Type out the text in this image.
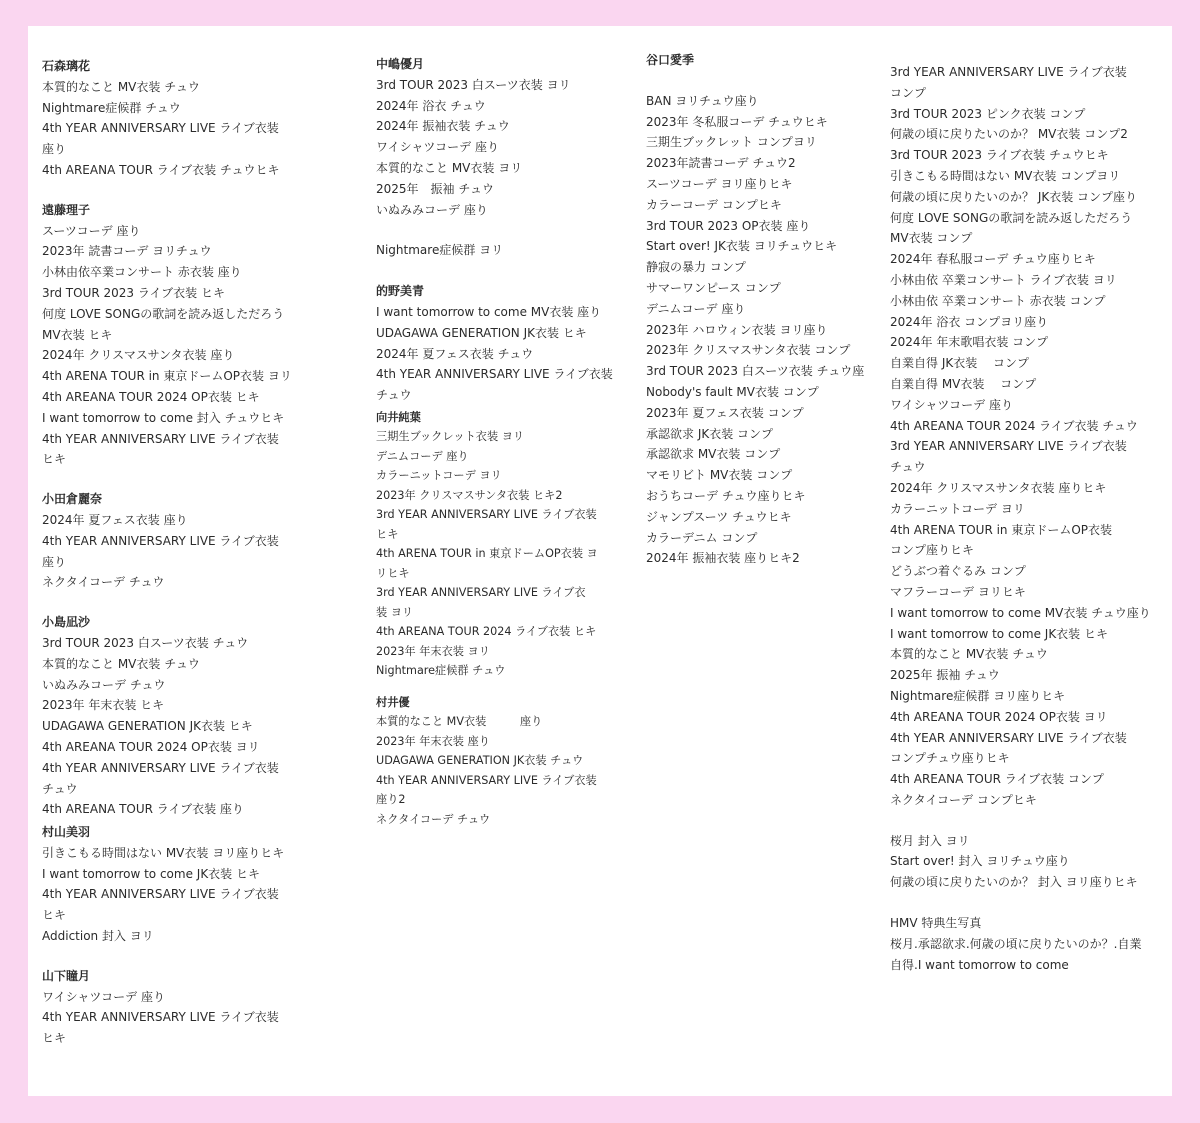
石森璃花
本質的なこと MV衣装 チュウ
Nightmare症候群 チュウ
4th YEAR ANNIVERSARY LIVE ライブ衣装
座り
4th AREANA TOUR ライブ衣装 チュウヒキ
遠藤理子
スーツコーデ 座り
2023年 読書コーデ ヨリチュウ
小林由依卒業コンサート 赤衣装 座り
3rd TOUR 2023 ライブ衣装 ヒキ
何度 LOVE SONGの歌詞を読み返しただろう
MV衣装 ヒキ
2024年 クリスマスサンタ衣装 座り
4th ARENA TOUR in 東京ドームOP衣装 ヨリ
4th AREANA TOUR 2024 OP衣装 ヒキ
I want tomorrow to come 封入 チュウヒキ
4th YEAR ANNIVERSARY LIVE ライブ衣装
ヒキ
小田倉麗奈
2024年 夏フェス衣装 座り
4th YEAR ANNIVERSARY LIVE ライブ衣装
座り
ネクタイコーデ チュウ
小島凪沙
3rd TOUR 2023 白スーツ衣装 チュウ
本質的なこと MV衣装 チュウ
いぬみみコーデ チュウ
2023年 年末衣装 ヒキ
UDAGAWA GENERATION JK衣装 ヒキ
4th AREANA TOUR 2024 OP衣装 ヨリ
4th YEAR ANNIVERSARY LIVE ライブ衣装
チュウ
4th AREANA TOUR ライブ衣装 座り
村山美羽
引きこもる時間はない MV衣装 ヨリ座りヒキ
I want tomorrow to come JK衣装 ヒキ
4th YEAR ANNIVERSARY LIVE ライブ衣装
ヒキ
Addiction 封入 ヨリ
山下瞳月
ワイシャツコーデ 座り
4th YEAR ANNIVERSARY LIVE ライブ衣装
ヒキ
中嶋優月
3rd TOUR 2023 白スーツ衣装 ヨリ
2024年 浴衣 チュウ
2024年 振袖衣装 チュウ
ワイシャツコーデ 座り
本質的なこと MV衣装 ヨリ
2025年　振袖 チュウ
いぬみみコーデ 座り
Nightmare症候群 ヨリ
的野美青
I want tomorrow to come MV衣装 座り
UDAGAWA GENERATION JK衣装 ヒキ
2024年 夏フェス衣装 チュウ
4th YEAR ANNIVERSARY LIVE ライブ衣装
チュウ
向井純葉
三期生ブックレット衣装 ヨリ
デニムコーデ 座り
カラーニットコーデ ヨリ
2023年 クリスマスサンタ衣装 ヒキ2
3rd YEAR ANNIVERSARY LIVE ライブ衣装
ヒキ
4th ARENA TOUR in 東京ドームOP衣装 ヨ
リヒキ
3rd YEAR ANNIVERSARY LIVE ライブ衣
装 ヨリ
4th AREANA TOUR 2024 ライブ衣装 ヒキ
2023年 年末衣装 ヨリ
Nightmare症候群 チュウ
村井優
本質的なこと MV衣装　　　座り
2023年 年末衣装 座り
UDAGAWA GENERATION JK衣装 チュウ
4th YEAR ANNIVERSARY LIVE ライブ衣装
座り2
ネクタイコーデ チュウ
谷口愛季
BAN ヨリチュウ座り
2023年 冬私服コーデ チュウヒキ
三期生ブックレット コンプヨリ
2023年読書コーデ チュウ2
スーツコーデ ヨリ座りヒキ
カラーコーデ コンプヒキ
3rd TOUR 2023 OP衣装 座り
Start over! JK衣装 ヨリチュウヒキ
静寂の暴力 コンプ
サマーワンピース コンプ
デニムコーデ 座り
2023年 ハロウィン衣装 ヨリ座り
2023年 クリスマスサンタ衣装 コンプ
3rd TOUR 2023 白スーツ衣装 チュウ座
Nobody's fault MV衣装 コンプ
2023年 夏フェス衣装 コンプ
承認欲求 JK衣装 コンプ
承認欲求 MV衣装 コンプ
マモリビト MV衣装 コンプ
おうちコーデ チュウ座りヒキ
ジャンプスーツ チュウヒキ
カラーデニム コンプ
2024年 振袖衣装 座りヒキ2
3rd YEAR ANNIVERSARY LIVE ライブ衣装
コンプ
3rd TOUR 2023 ピンク衣装 コンプ
何歳の頃に戻りたいのか？ MV衣装 コンプ2
3rd TOUR 2023 ライブ衣装 チュウヒキ
引きこもる時間はない MV衣装 コンプヨリ
何歳の頃に戻りたいのか？ JK衣装 コンプ座り
何度 LOVE SONGの歌詞を読み返しただろう
MV衣装 コンプ
2024年 春私服コーデ チュウ座りヒキ
小林由依 卒業コンサート ライブ衣装 ヨリ
小林由依 卒業コンサート 赤衣装 コンプ
2024年 浴衣 コンプヨリ座り
2024年 年末歌唱衣装 コンプ
自業自得 JK衣装　 コンプ
自業自得 MV衣装　 コンプ
ワイシャツコーデ 座り
4th AREANA TOUR 2024 ライブ衣装 チュウ
3rd YEAR ANNIVERSARY LIVE ライブ衣装
チュウ
2024年 クリスマスサンタ衣装 座りヒキ
カラーニットコーデ ヨリ
4th ARENA TOUR in 東京ドームOP衣装
コンプ座りヒキ
どうぶつ着ぐるみ コンプ
マフラーコーデ ヨリヒキ
I want tomorrow to come MV衣装 チュウ座り
I want tomorrow to come JK衣装 ヒキ
本質的なこと MV衣装 チュウ
2025年 振袖 チュウ
Nightmare症候群 ヨリ座りヒキ
4th AREANA TOUR 2024 OP衣装 ヨリ
4th YEAR ANNIVERSARY LIVE ライブ衣装
コンプチュウ座りヒキ
4th AREANA TOUR ライブ衣装 コンプ
ネクタイコーデ コンプヒキ
桜月 封入 ヨリ
Start over! 封入 ヨリチュウ座り
何歳の頃に戻りたいのか？ 封入 ヨリ座りヒキ
HMV 特典生写真
桜月.承認欲求.何歳の頃に戻りたいのか？.自業
自得.I want tomorrow to come
